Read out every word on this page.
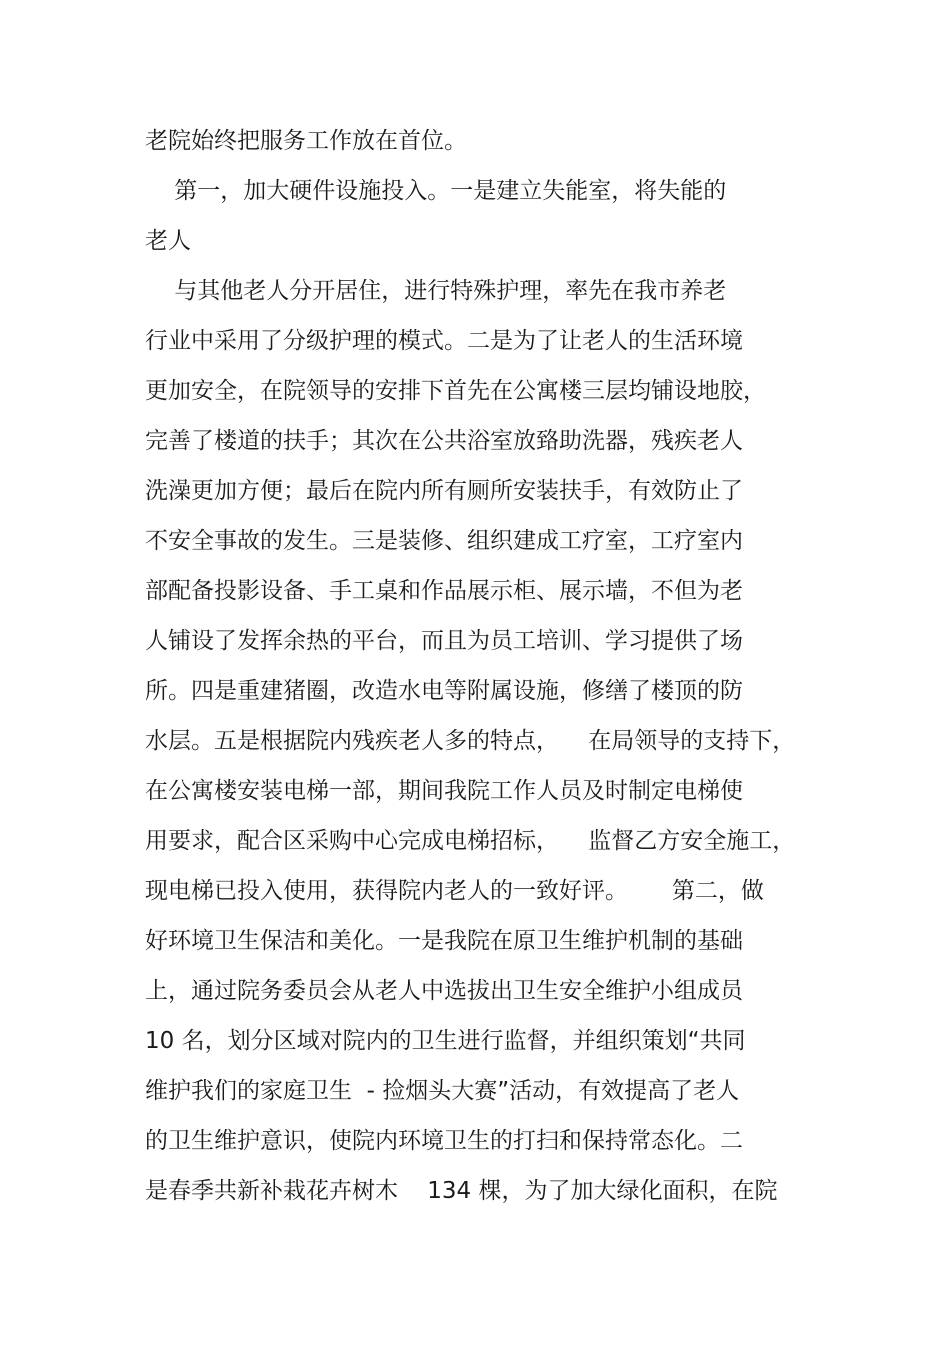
老院始终把服务工作放在首位。
第一，加大硬件设施投入。一是建立失能室，将失能的
老人
与其他老人分开居住，进行特殊护理，率先在我市养老
行业中采用了分级护理的模式。二是为了让老人的生活环境
更加安全，在院领导的安排下首先在公寓楼三层均铺设地胶，
完善了楼道的扶手；其次在公共浴室放臵助洗器，残疾老人
洗澡更加方便；最后在院内所有厕所安装扶手，有效防止了
不安全事故的发生。三是装修、组织建成工疗室，工疗室内
部配备投影设备、手工桌和作品展示柜、展示墙，不但为老
人铺设了发挥余热的平台，而且为员工培训、学习提供了场
所。四是重建猪圈，改造水电等附属设施，修缮了楼顶的防
水层。五是根据院内残疾老人多的特点，    在局领导的支持下，
在公寓楼安装电梯一部，期间我院工作人员及时制定电梯使
用要求，配合区采购中心完成电梯招标，    监督乙方安全施工，
现电梯已投入使用，获得院内老人的一致好评。      第二，做
好环境卫生保洁和美化。一是我院在原卫生维护机制的基础
上，通过院务委员会从老人中选拔出卫生安全维护小组成员
10 名，划分区域对院内的卫生进行监督，并组织策划“共同
维护我们的家庭卫生  - 捡烟头大赛”活动，有效提高了老人
的卫生维护意识，使院内环境卫生的打扫和保持常态化。二
是春季共新补栽花卉树木    134 棵，为了加大绿化面积，在院
